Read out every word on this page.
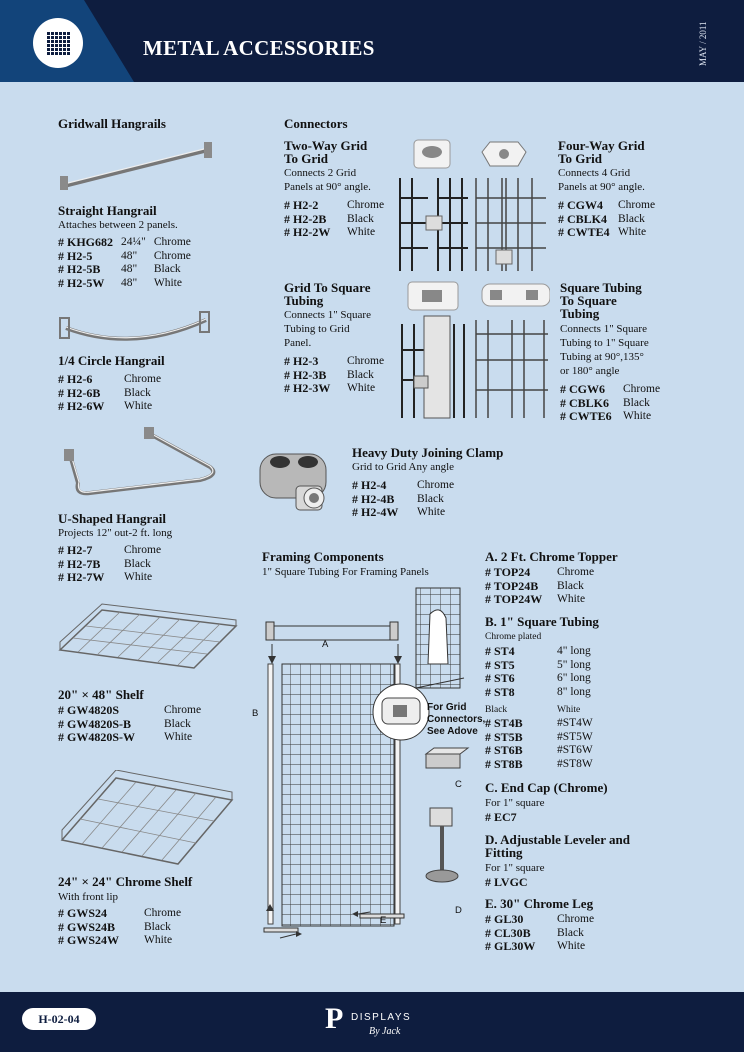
METAL ACCESSORIES	MAY / 2011
Gridwall Hangrails
Straight Hangrail
Attaches between 2 panels.
# KHG682	24¼"	Chrome
# H2-5	48"	Chrome
# H2-5B	48"	Black
# H2-5W	48"	White
1/4 Circle Hangrail
# H2-6	Chrome
# H2-6B	Black
# H2-6W	White
U-Shaped Hangrail
Projects 12" out-2 ft. long
# H2-7	Chrome
# H2-7B	Black
# H2-7W	White
20" × 48" Shelf
# GW4820S	Chrome
# GW4820S-B	Black
# GW4820S-W	White
24" × 24" Chrome Shelf
With front lip
# GWS24	Chrome
# GWS24B	Black
# GWS24W	White
Connectors
Two-Way Grid
To Grid
Connects 2 Grid
Panels at 90° angle.
# H2-2	Chrome
# H2-2B	Black
# H2-2W	White
Four-Way Grid
To Grid
Connects 4 Grid
Panels at 90° angle.
# CGW4	Chrome
# CBLK4	Black
# CWTE4	White
Grid To Square
Tubing
Connects 1" Square
Tubing to Grid
Panel.
# H2-3	Chrome
# H2-3B	Black
# H2-3W	White
Square Tubing
To Square
Tubing
Connects 1" Square
Tubing to 1" Square
Tubing at 90°,135°
or 180° angle
# CGW6	Chrome
# CBLK6	Black
# CWTE6	White
Heavy Duty Joining Clamp
Grid to Grid Any angle
# H2-4	Chrome
# H2-4B	Black
# H2-4W	White
Framing Components
1" Square Tubing For Framing Panels
A
B
C
D
E
For Grid
Connectors,
See Adove
A. 2 Ft. Chrome Topper
# TOP24	Chrome
# TOP24B	Black
# TOP24W	White
B. 1" Square Tubing
Chrome plated
# ST4	4" long
# ST5	5" long
# ST6	6" long
# ST8	8" long
Black	White
# ST4B	#ST4W
# ST5B	#ST5W
# ST6B	#ST6W
# ST8B	#ST8W
C. End Cap (Chrome)
For 1" square
# EC7
D. Adjustable Leveler and
Fitting
For 1" square
# LVGC
E. 30" Chrome Leg
# GL30	Chrome
# CL30B	Black
# GL30W	White
H-02-04	P DISPLAYS
By Jack
